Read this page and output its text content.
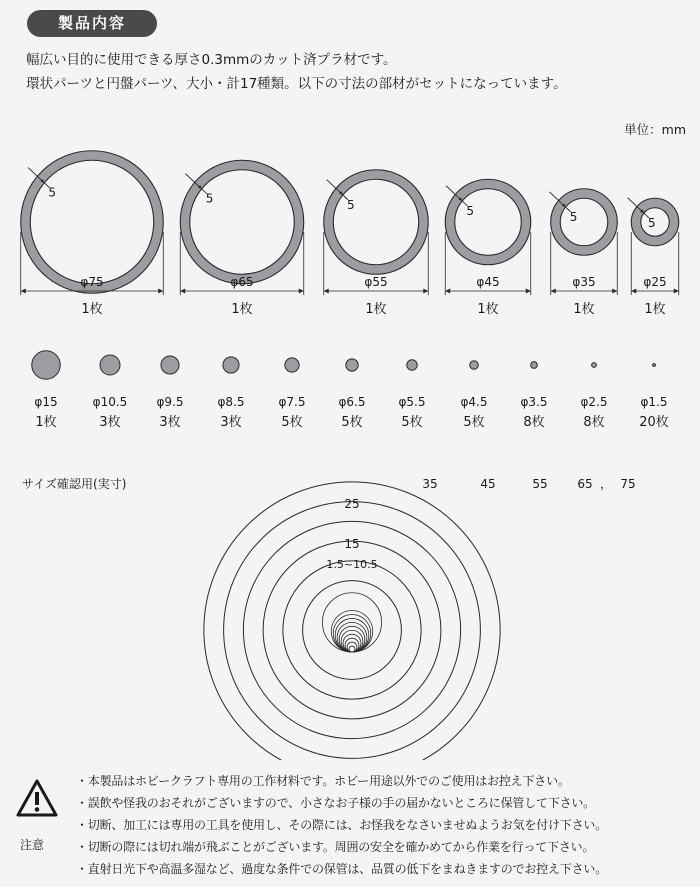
製品内容
幅広い目的に使用できる厚さ0.3mmのカット済プラ材です。
環状パーツと円盤パーツ、大小・計17種類。以下の寸法の部材がセットになっています。
単位：mm
5
φ75
1枚
5
φ65
1枚
5
φ55
1枚
5
φ45
1枚
5
φ35
1枚
5
φ25
1枚
φ15
1枚
φ10.5
3枚
φ9.5
3枚
φ8.5
3枚
φ7.5
5枚
φ6.5
5枚
φ5.5
5枚
φ4.5
5枚
φ3.5
8枚
φ2.5
8枚
φ1.5
20枚
サイズ確認用(実寸)
25
15
1.5~10.5
35	45	55 65 ， 75
注意
・本製品はホビークラフト専用の工作材料です。ホビー用途以外でのご使用はお控え下さい。
・誤飲や怪我のおそれがございますので、小さなお子様の手の届かないところに保管して下さい。
・切断、加工には専用の工具を使用し、その際には、お怪我をなさいませぬようお気を付け下さい。
・切断の際には切れ端が飛ぶことがございます。周囲の安全を確かめてから作業を行って下さい。
・直射日光下や高温多湿など、過度な条件での保管は、品質の低下をまねきますのでお控え下さい。
